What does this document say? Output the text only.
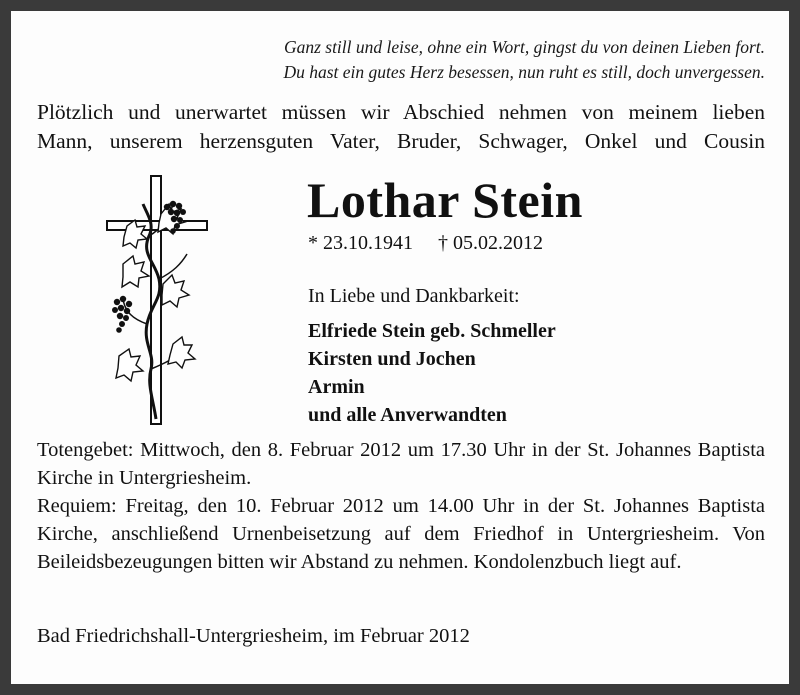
Ganz still und leise, ohne ein Wort, gingst du von deinen Lieben fort.
Du hast ein gutes Herz besessen, nun ruht es still, doch unvergessen.
Plötzlich und unerwartet müssen wir Abschied nehmen von meinem lieben
Mann, unserem herzensguten Vater, Bruder, Schwager, Onkel und Cousin
Lothar Stein
* 23.10.1941     † 05.02.2012
In Liebe und Dankbarkeit:
Elfriede Stein geb. Schmeller
Kirsten und Jochen
Armin
und alle Anverwandten

Totengebet: Mittwoch, den 8. Februar 2012 um 17.30 Uhr in der St. Johannes Baptista Kirche in Untergriesheim.

Requiem: Freitag, den 10. Februar 2012 um 14.00 Uhr in der St. Johannes Baptista Kirche, anschließend Urnenbeisetzung auf dem Friedhof in Untergriesheim. Von Beileidsbezeugungen bitten wir Abstand zu nehmen. Kondolenzbuch liegt auf.

Bad Friedrichshall-Untergriesheim, im Februar 2012
